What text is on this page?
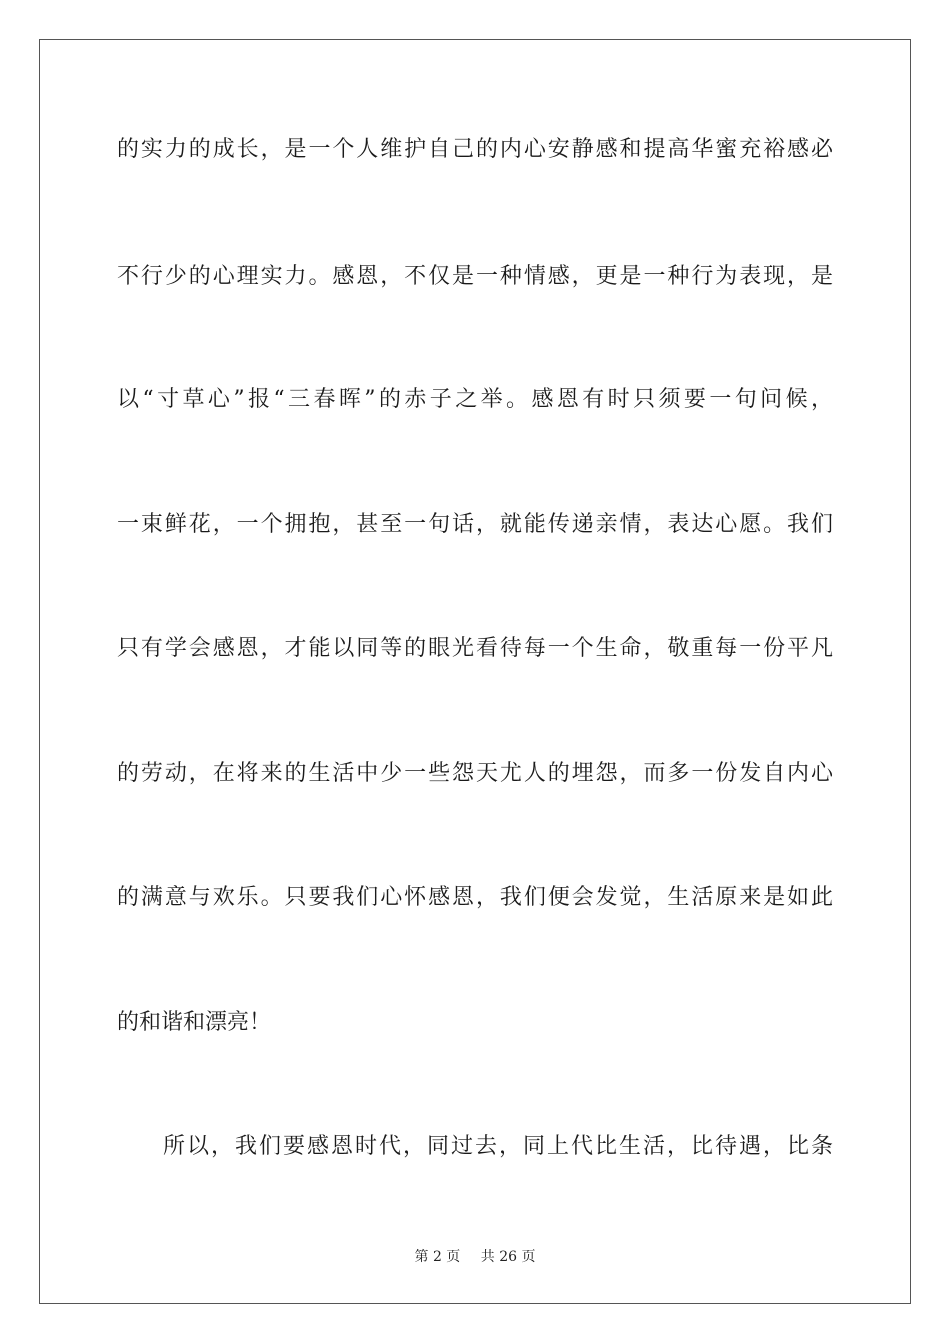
的实力的成长，是一个人维护自己的内心安静感和提高华蜜充裕感必
不行少的心理实力。感恩，不仅是一种情感，更是一种行为表现，是
以“寸草心”报“三春晖”的赤子之举。感恩有时只须要一句问候，
一束鲜花，一个拥抱，甚至一句话，就能传递亲情，表达心愿。我们
只有学会感恩，才能以同等的眼光看待每一个生命，敬重每一份平凡
的劳动，在将来的生活中少一些怨天尤人的埋怨，而多一份发自内心
的满意与欢乐。只要我们心怀感恩，我们便会发觉，生活原来是如此
的和谐和漂亮！
所以，我们要感恩时代，同过去，同上代比生活，比待遇，比条
第 2 页 共 26 页
